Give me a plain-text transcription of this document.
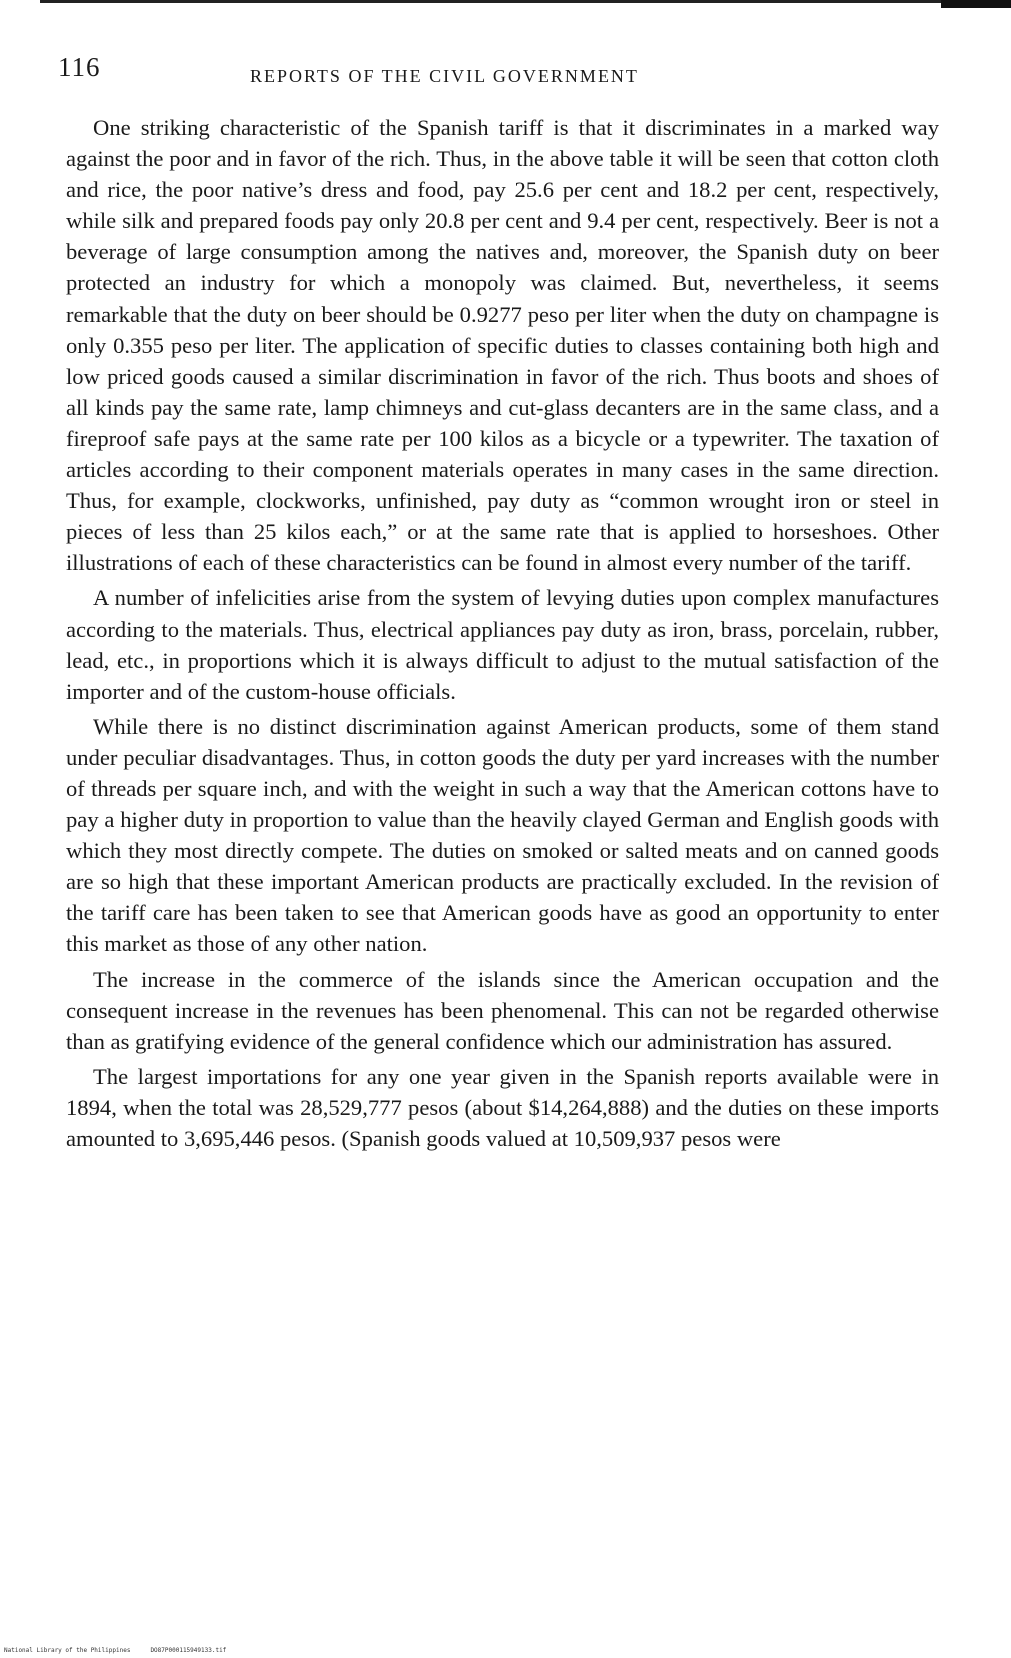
116	REPORTS OF THE CIVIL GOVERNMENT

One striking characteristic of the Spanish tariff is that it discriminates in a marked way against the poor and in favor of the rich. Thus, in the above table it will be seen that cotton cloth and rice, the poor native’s dress and food, pay 25.6 per cent and 18.2 per cent, respectively, while silk and prepared foods pay only 20.8 per cent and 9.4 per cent, respectively. Beer is not a beverage of large consumption among the natives and, moreover, the Spanish duty on beer protected an industry for which a monopoly was claimed. But, nevertheless, it seems remarkable that the duty on beer should be 0.9277 peso per liter when the duty on champagne is only 0.355 peso per liter. The application of specific duties to classes containing both high and low priced goods caused a similar discrimination in favor of the rich. Thus boots and shoes of all kinds pay the same rate, lamp chimneys and cut-glass decanters are in the same class, and a fireproof safe pays at the same rate per 100 kilos as a bicycle or a typewriter. The taxation of articles according to their component materials operates in many cases in the same direction. Thus, for example, clockworks, unfinished, pay duty as “common wrought iron or steel in pieces of less than 25 kilos each,” or at the same rate that is applied to horseshoes. Other illustrations of each of these characteristics can be found in almost every number of the tariff.

A number of infelicities arise from the system of levying duties upon complex manufactures according to the materials. Thus, electrical appliances pay duty as iron, brass, porcelain, rubber, lead, etc., in proportions which it is always difficult to adjust to the mutual satisfaction of the importer and of the custom-house officials.

While there is no distinct discrimination against American products, some of them stand under peculiar disadvantages. Thus, in cotton goods the duty per yard increases with the number of threads per square inch, and with the weight in such a way that the American cottons have to pay a higher duty in proportion to value than the heavily clayed German and English goods with which they most directly compete. The duties on smoked or salted meats and on canned goods are so high that these important American products are practically excluded. In the revision of the tariff care has been taken to see that American goods have as good an opportunity to enter this market as those of any other nation.

The increase in the commerce of the islands since the American occupation and the consequent increase in the revenues has been phenomenal. This can not be regarded otherwise than as gratifying evidence of the general confidence which our administration has assured.

The largest importations for any one year given in the Spanish reports available were in 1894, when the total was 28,529,777 pesos (about $14,264,888) and the duties on these imports amounted to 3,695,446 pesos. (Spanish goods valued at 10,509,937 pesos were

National Library of the Philippines	DO87P000115949133.tif
